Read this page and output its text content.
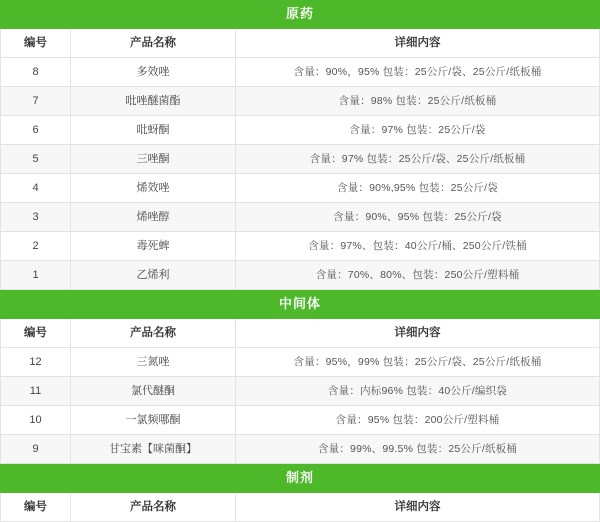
原药
编号	产品名称	详细内容
8	多效唑	含量：90%，95% 包装：25公斤/袋、25公斤/纸板桶
7	吡唑醚菌酯	含量：98% 包装：25公斤/纸板桶
6	吡蚜酮	含量：97% 包装：25公斤/袋
5	三唑酮	含量：97% 包装：25公斤/袋、25公斤/纸板桶
4	烯效唑	含量：90%,95% 包装：25公斤/袋
3	烯唑醇	含量：90%、95% 包装：25公斤/袋
2	毒死蜱	含量：97%、包装：40公斤/桶、250公斤/铁桶
1	乙烯利	含量：70%、80%、包装：250公斤/塑料桶
中间体
编号	产品名称	详细内容
12	三氮唑	含量：95%，99% 包装：25公斤/袋、25公斤/纸板桶
11	氯代醚酮	含量：内标96% 包装：40公斤/编织袋
10	一氯频哪酮	含量：95% 包装：200公斤/塑料桶
9	甘宝素【咪菌酮】	含量：99%、99.5% 包装：25公斤/纸板桶
制剂
编号	产品名称	详细内容
